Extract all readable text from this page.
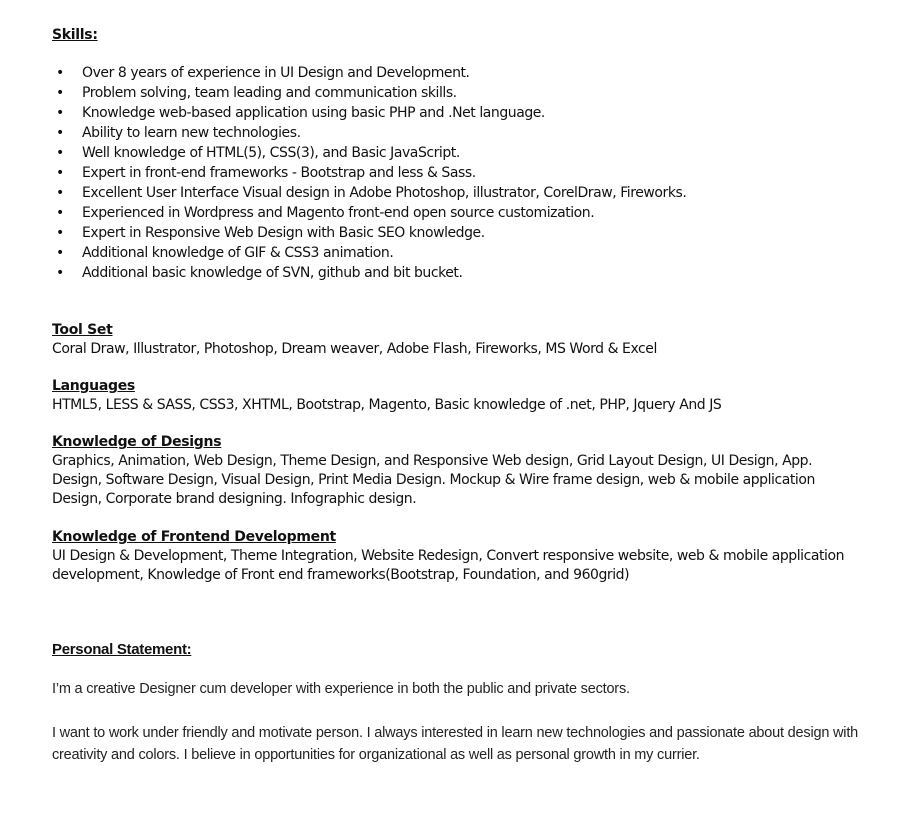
Skills:
• Over 8 years of experience in UI Design and Development.
• Problem solving, team leading and communication skills.
• Knowledge web-based application using basic PHP and .Net language.
• Ability to learn new technologies.
• Well knowledge of HTML(5), CSS(3), and Basic JavaScript.
• Expert in front-end frameworks - Bootstrap and less & Sass.
• Excellent User Interface Visual design in Adobe Photoshop, illustrator, CorelDraw, Fireworks.
• Experienced in Wordpress and Magento front-end open source customization.
• Expert in Responsive Web Design with Basic SEO knowledge.
• Additional knowledge of GIF & CSS3 animation.
• Additional basic knowledge of SVN, github and bit bucket.
Tool Set
Coral Draw, Illustrator, Photoshop, Dream weaver, Adobe Flash, Fireworks, MS Word & Excel
Languages
HTML5, LESS & SASS, CSS3, XHTML, Bootstrap, Magento, Basic knowledge of .net, PHP, Jquery And JS
Knowledge of Designs
Graphics, Animation, Web Design, Theme Design, and Responsive Web design, Grid Layout Design, UI Design, App. Design, Software Design, Visual Design, Print Media Design. Mockup & Wire frame design, web & mobile application Design, Corporate brand designing. Infographic design.
Knowledge of Frontend Development
UI Design & Development, Theme Integration, Website Redesign, Convert responsive website, web & mobile application development, Knowledge of Front end frameworks(Bootstrap, Foundation, and 960grid)
Personal Statement:
I’m a creative Designer cum developer with experience in both the public and private sectors.
I want to work under friendly and motivate person. I always interested in learn new technologies and passionate about design with creativity and colors. I believe in opportunities for organizational as well as personal growth in my currier.
